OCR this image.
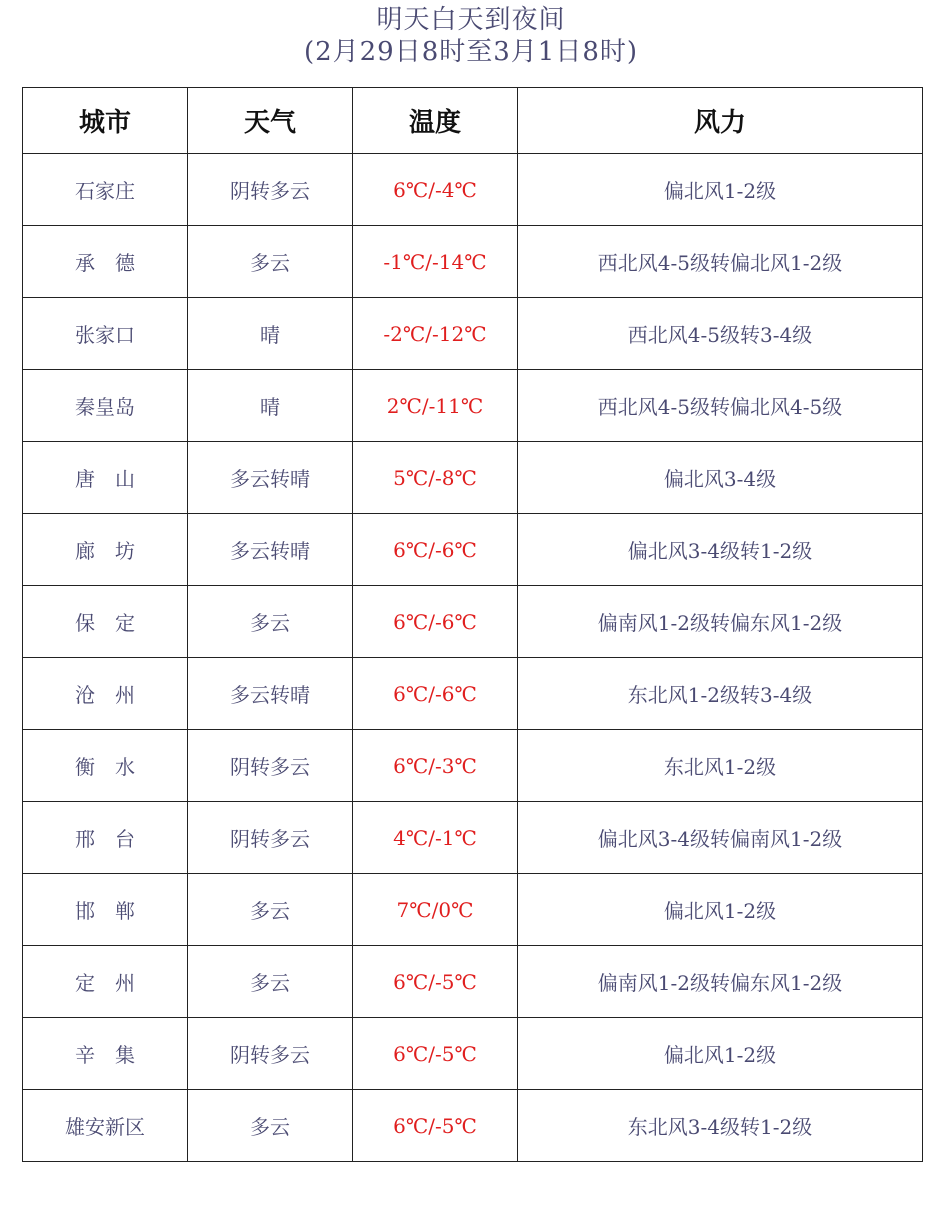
明天白天到夜间
(2月29日8时至3月1日8时)
城市	天气	温度	风力
石家庄	阴转多云	6℃/-4℃	偏北风1-2级
承　德	多云	-1℃/-14℃	西北风4-5级转偏北风1-2级
张家口	晴	-2℃/-12℃	西北风4-5级转3-4级
秦皇岛	晴	2℃/-11℃	西北风4-5级转偏北风4-5级
唐　山	多云转晴	5℃/-8℃	偏北风3-4级
廊　坊	多云转晴	6℃/-6℃	偏北风3-4级转1-2级
保　定	多云	6℃/-6℃	偏南风1-2级转偏东风1-2级
沧　州	多云转晴	6℃/-6℃	东北风1-2级转3-4级
衡　水	阴转多云	6℃/-3℃	东北风1-2级
邢　台	阴转多云	4℃/-1℃	偏北风3-4级转偏南风1-2级
邯　郸	多云	7℃/0℃	偏北风1-2级
定　州	多云	6℃/-5℃	偏南风1-2级转偏东风1-2级
辛　集	阴转多云	6℃/-5℃	偏北风1-2级
雄安新区	多云	6℃/-5℃	东北风3-4级转1-2级
